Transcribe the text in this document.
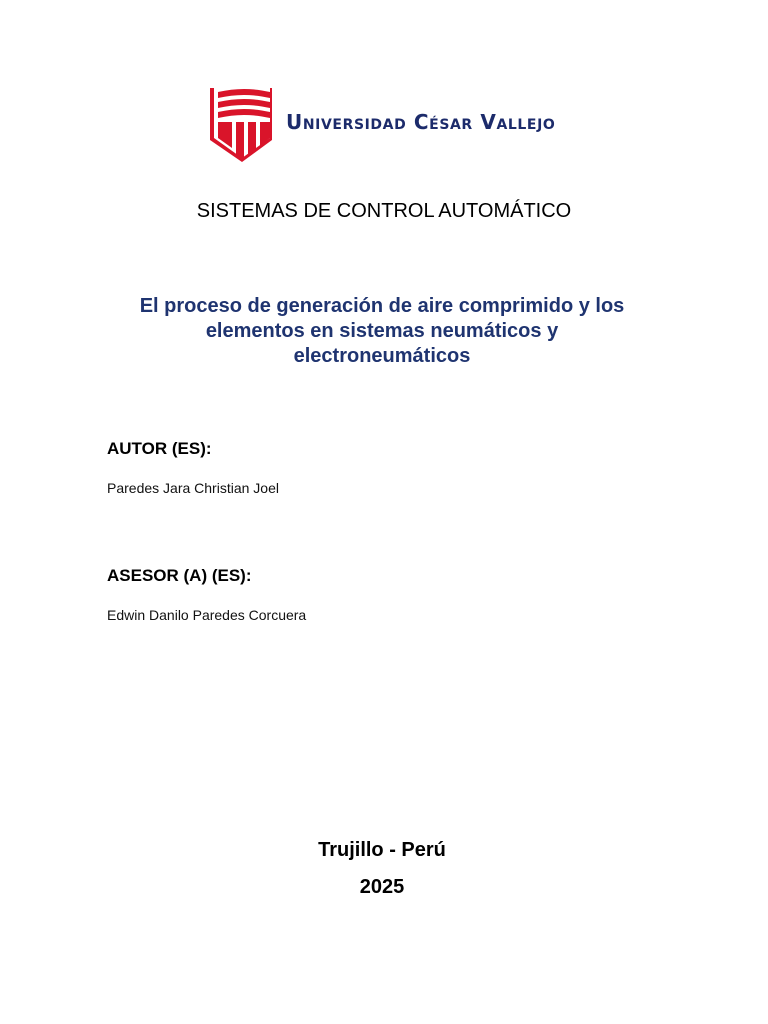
Universidad César Vallejo
SISTEMAS DE CONTROL AUTOMÁTICO
El proceso de generación de aire comprimido y los
elementos en sistemas neumáticos y
electroneumáticos
AUTOR (ES):
Paredes Jara Christian Joel
ASESOR (A) (ES):
Edwin Danilo Paredes Corcuera
Trujillo - Perú
2025
